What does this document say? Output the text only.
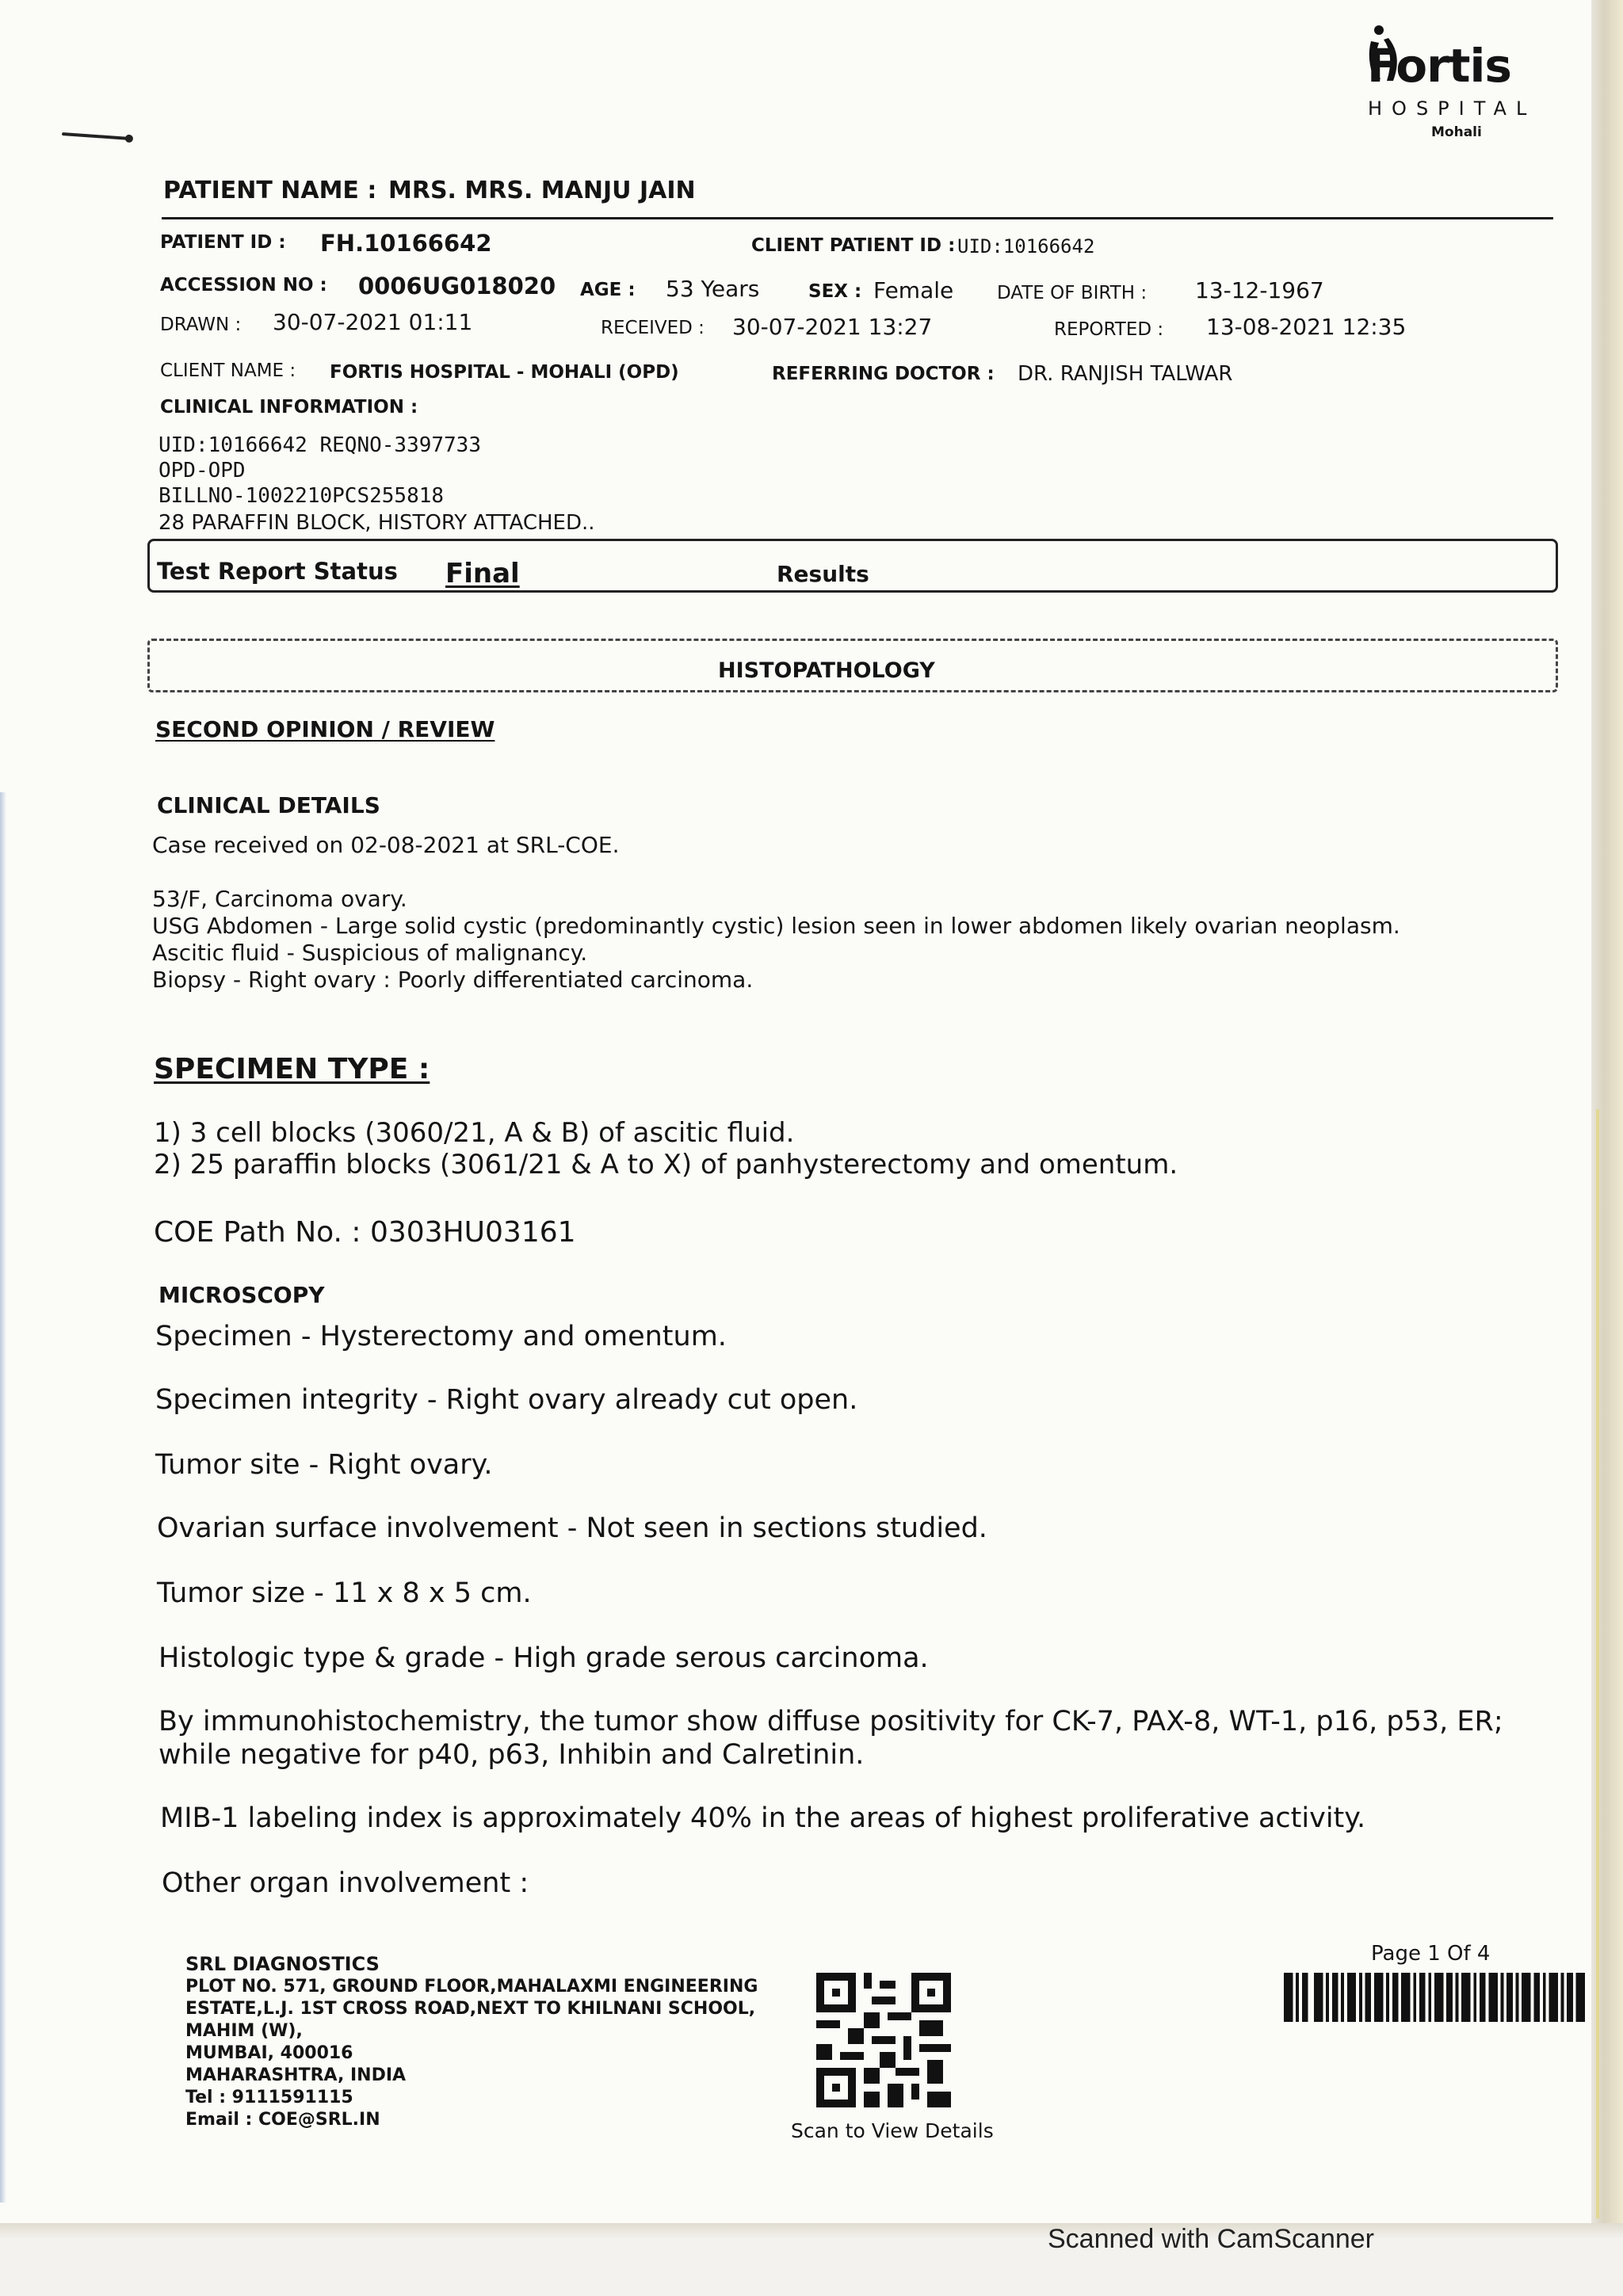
Fortis
HOSPITAL
Mohali
PATIENT NAME : MRS. MRS. MANJU JAIN
PATIENT ID : FH.10166642	CLIENT PATIENT ID : UID:10166642
ACCESSION NO : 0006UG018020 AGE : 53 Years	SEX : Female DATE OF BIRTH : 13-12-1967
DRAWN : 30-07-2021 01:11	RECEIVED : 30-07-2021 13:27	REPORTED : 13-08-2021 12:35
CLIENT NAME : FORTIS HOSPITAL - MOHALI (OPD)	REFERRING DOCTOR : DR. RANJISH TALWAR
CLINICAL INFORMATION :
UID:10166642 REQNO-3397733
OPD-OPD
BILLNO-1002210PCS255818
28 PARAFFIN BLOCK, HISTORY ATTACHED..
Test Report Status Final	Results
HISTOPATHOLOGY
SECOND OPINION / REVIEW
CLINICAL DETAILS
Case received on 02-08-2021 at SRL-COE.
53/F, Carcinoma ovary.
USG Abdomen - Large solid cystic (predominantly cystic) lesion seen in lower abdomen likely ovarian neoplasm.
Ascitic fluid - Suspicious of malignancy.
Biopsy - Right ovary : Poorly differentiated carcinoma.
SPECIMEN TYPE :
1) 3 cell blocks (3060/21, A & B) of ascitic fluid.
2) 25 paraffin blocks (3061/21 & A to X) of panhysterectomy and omentum.
COE Path No. : 0303HU03161
MICROSCOPY
Specimen - Hysterectomy and omentum.
Specimen integrity - Right ovary already cut open.
Tumor site - Right ovary.
Ovarian surface involvement - Not seen in sections studied.
Tumor size - 11 x 8 x 5 cm.
Histologic type & grade - High grade serous carcinoma.
By immunohistochemistry, the tumor show diffuse positivity for CK-7, PAX-8, WT-1, p16, p53, ER;
while negative for p40, p63, Inhibin and Calretinin.
MIB-1 labeling index is approximately 40% in the areas of highest proliferative activity.
Other organ involvement :
SRL DIAGNOSTICS
PLOT NO. 571, GROUND FLOOR,MAHALAXMI ENGINEERING
ESTATE,L.J. 1ST CROSS ROAD,NEXT TO KHILNANI SCHOOL,
MAHIM (W),
MUMBAI, 400016
MAHARASHTRA, INDIA
Tel : 9111591115
Email : COE@SRL.IN	Scan to View Details
Page 1 Of 4
Scanned with CamScanner
